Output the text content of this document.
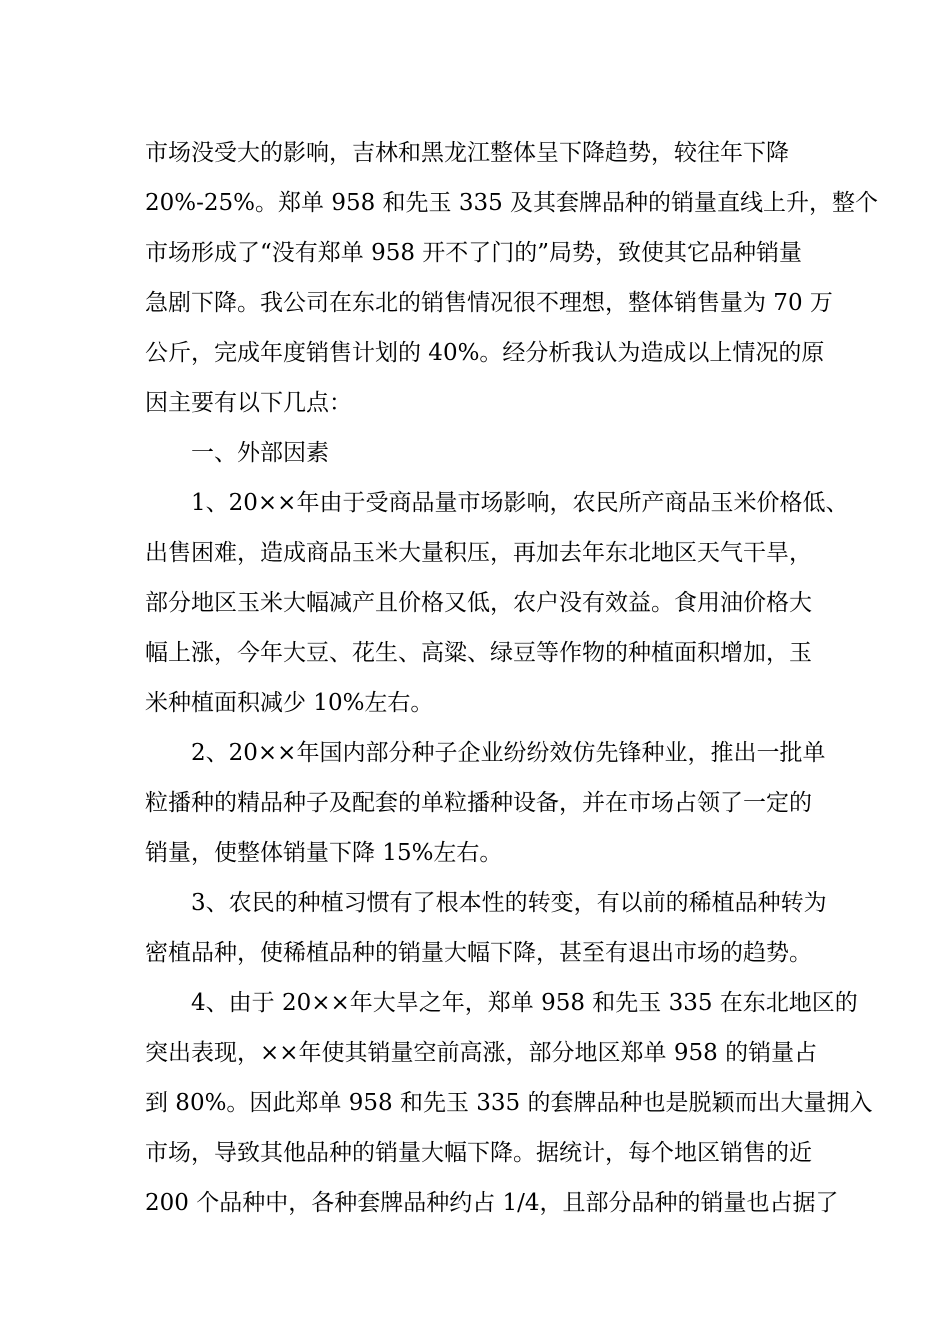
市场没受大的影响，吉林和黑龙江整体呈下降趋势，较往年下降
20%-25%。郑单 958 和先玉 335 及其套牌品种的销量直线上升，整个
市场形成了“没有郑单 958 开不了门的”局势，致使其它品种销量
急剧下降。我公司在东北的销售情况很不理想，整体销售量为 70 万
公斤，完成年度销售计划的 40%。经分析我认为造成以上情况的原
因主要有以下几点：
一、外部因素
1、20××年由于受商品量市场影响，农民所产商品玉米价格低、
出售困难，造成商品玉米大量积压，再加去年东北地区天气干旱，
部分地区玉米大幅减产且价格又低，农户没有效益。食用油价格大
幅上涨，今年大豆、花生、高粱、绿豆等作物的种植面积增加，玉
米种植面积减少 10%左右。
2、20××年国内部分种子企业纷纷效仿先锋种业，推出一批单
粒播种的精品种子及配套的单粒播种设备，并在市场占领了一定的
销量，使整体销量下降 15%左右。
3、农民的种植习惯有了根本性的转变，有以前的稀植品种转为
密植品种，使稀植品种的销量大幅下降，甚至有退出市场的趋势。
4、由于 20××年大旱之年，郑单 958 和先玉 335 在东北地区的
突出表现，××年使其销量空前高涨，部分地区郑单 958 的销量占
到 80%。因此郑单 958 和先玉 335 的套牌品种也是脱颖而出大量拥入
市场，导致其他品种的销量大幅下降。据统计，每个地区销售的近
200 个品种中，各种套牌品种约占 1/4，且部分品种的销量也占据了
